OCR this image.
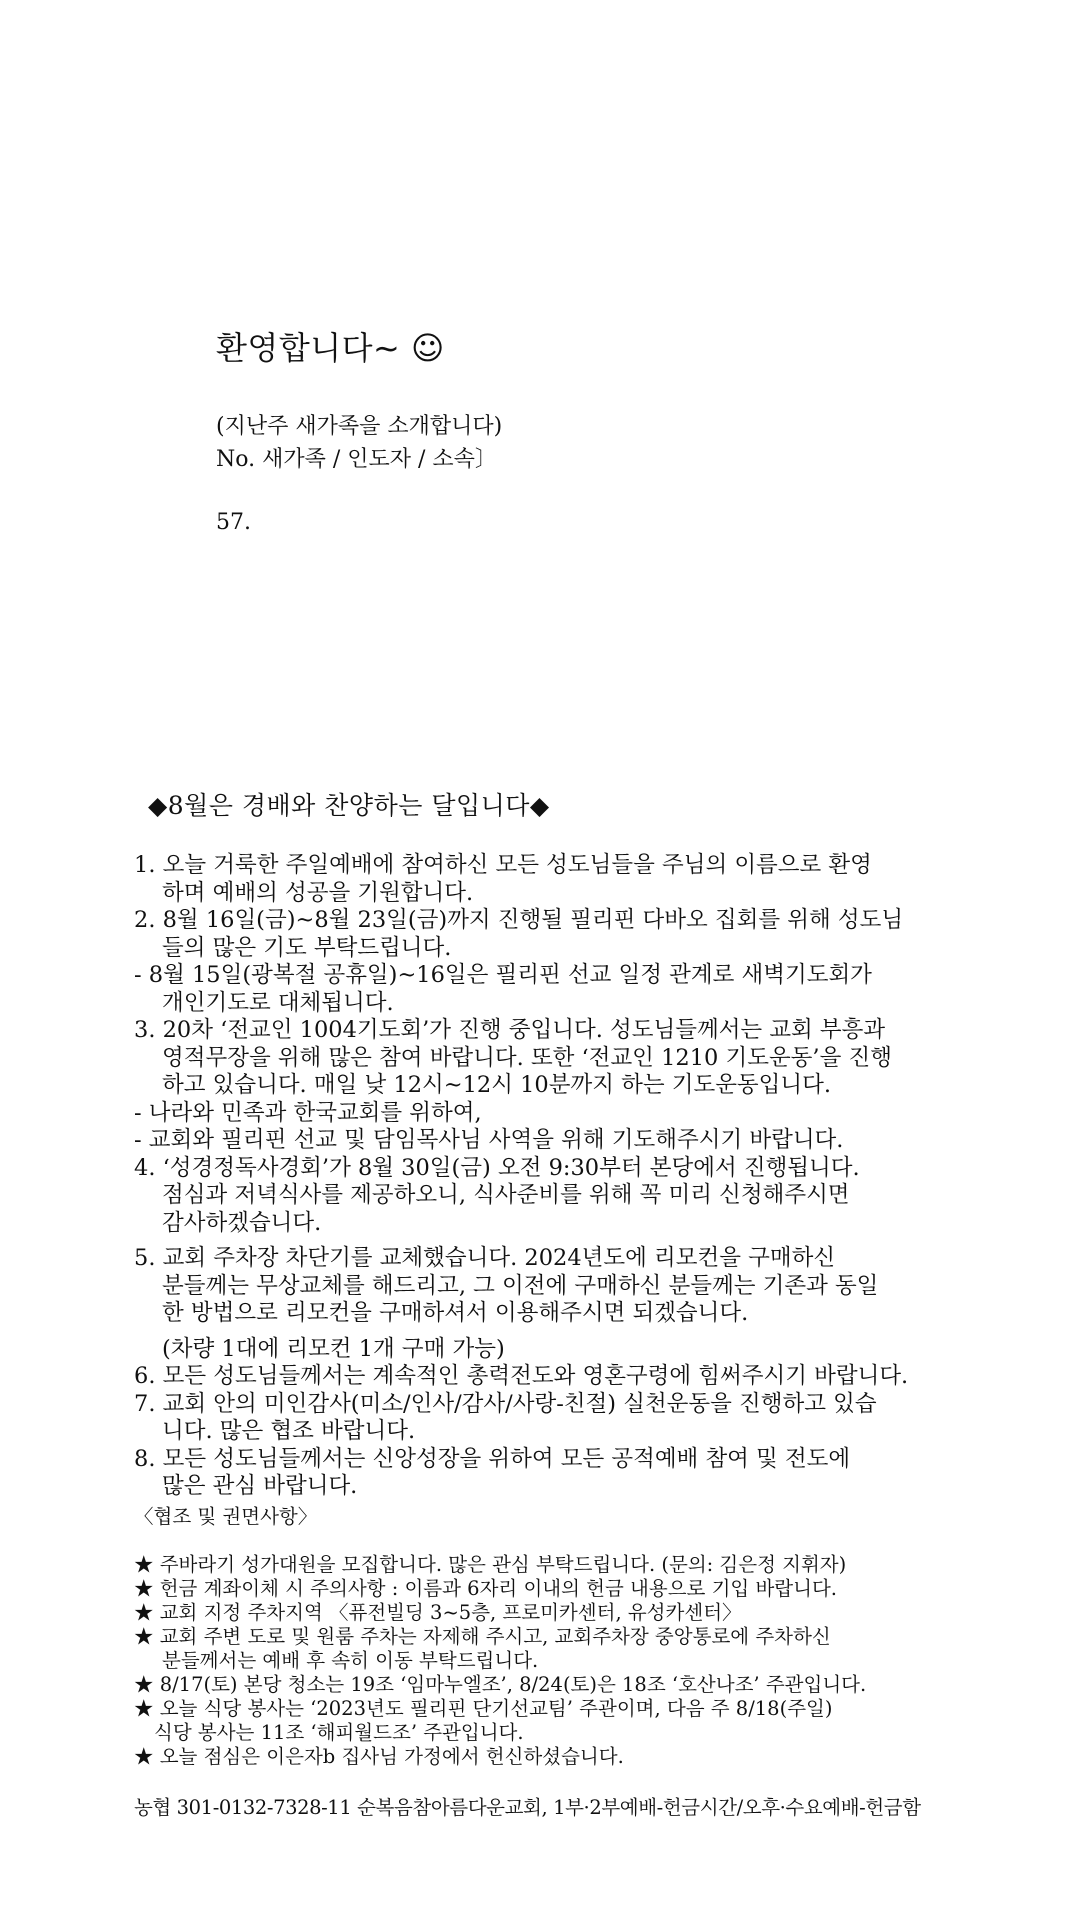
환영합니다~ ☺
(지난주 새가족을 소개합니다)
No. 새가족 / 인도자 / 소속〕
57.
◆8월은 경배와 찬양하는 달입니다◆
1. 오늘 거룩한 주일예배에 참여하신 모든 성도님들을 주님의 이름으로 환영
하며 예배의 성공을 기원합니다.
2. 8월 16일(금)~8월 23일(금)까지 진행될 필리핀 다바오 집회를 위해 성도님
들의 많은 기도 부탁드립니다.
- 8월 15일(광복절 공휴일)~16일은 필리핀 선교 일정 관계로 새벽기도회가
개인기도로 대체됩니다.
3. 20차 ‘전교인 1004기도회’가 진행 중입니다. 성도님들께서는 교회 부흥과
영적무장을 위해 많은 참여 바랍니다. 또한 ‘전교인 1210 기도운동’을 진행
하고 있습니다. 매일 낮 12시~12시 10분까지 하는 기도운동입니다.
- 나라와 민족과 한국교회를 위하여,
- 교회와 필리핀 선교 및 담임목사님 사역을 위해 기도해주시기 바랍니다.
4. ‘성경정독사경회’가 8월 30일(금) 오전 9:30부터 본당에서 진행됩니다.
점심과 저녁식사를 제공하오니, 식사준비를 위해 꼭 미리 신청해주시면
감사하겠습니다.
5. 교회 주차장 차단기를 교체했습니다. 2024년도에 리모컨을 구매하신
분들께는 무상교체를 해드리고, 그 이전에 구매하신 분들께는 기존과 동일
한 방법으로 리모컨을 구매하셔서 이용해주시면 되겠습니다.
(차량 1대에 리모컨 1개 구매 가능)
6. 모든 성도님들께서는 계속적인 총력전도와 영혼구령에 힘써주시기 바랍니다.
7. 교회 안의 미인감사(미소/인사/감사/사랑-친절) 실천운동을 진행하고 있습
니다. 많은 협조 바랍니다.
8. 모든 성도님들께서는 신앙성장을 위하여 모든 공적예배 참여 및 전도에
많은 관심 바랍니다.
〈협조 및 권면사항〉
★ 주바라기 성가대원을 모집합니다. 많은 관심 부탁드립니다. (문의: 김은정 지휘자)
★ 헌금 계좌이체 시 주의사항 : 이름과 6자리 이내의 헌금 내용으로 기입 바랍니다.
★ 교회 지정 주차지역 〈퓨전빌딩 3~5층, 프로미카센터, 유성카센터〉
★ 교회 주변 도로 및 원룸 주차는 자제해 주시고, 교회주차장 중앙통로에 주차하신
분들께서는 예배 후 속히 이동 부탁드립니다.
★ 8/17(토) 본당 청소는 19조 ‘임마누엘조’, 8/24(토)은 18조 ‘호산나조’ 주관입니다.
★ 오늘 식당 봉사는 ‘2023년도 필리핀 단기선교팀’ 주관이며, 다음 주 8/18(주일)
식당 봉사는 11조 ‘해피월드조’ 주관입니다.
★ 오늘 점심은 이은자b 집사님 가정에서 헌신하셨습니다.
농협 301-0132-7328-11 순복음참아름다운교회, 1부·2부예배-헌금시간/오후·수요예배-헌금함
